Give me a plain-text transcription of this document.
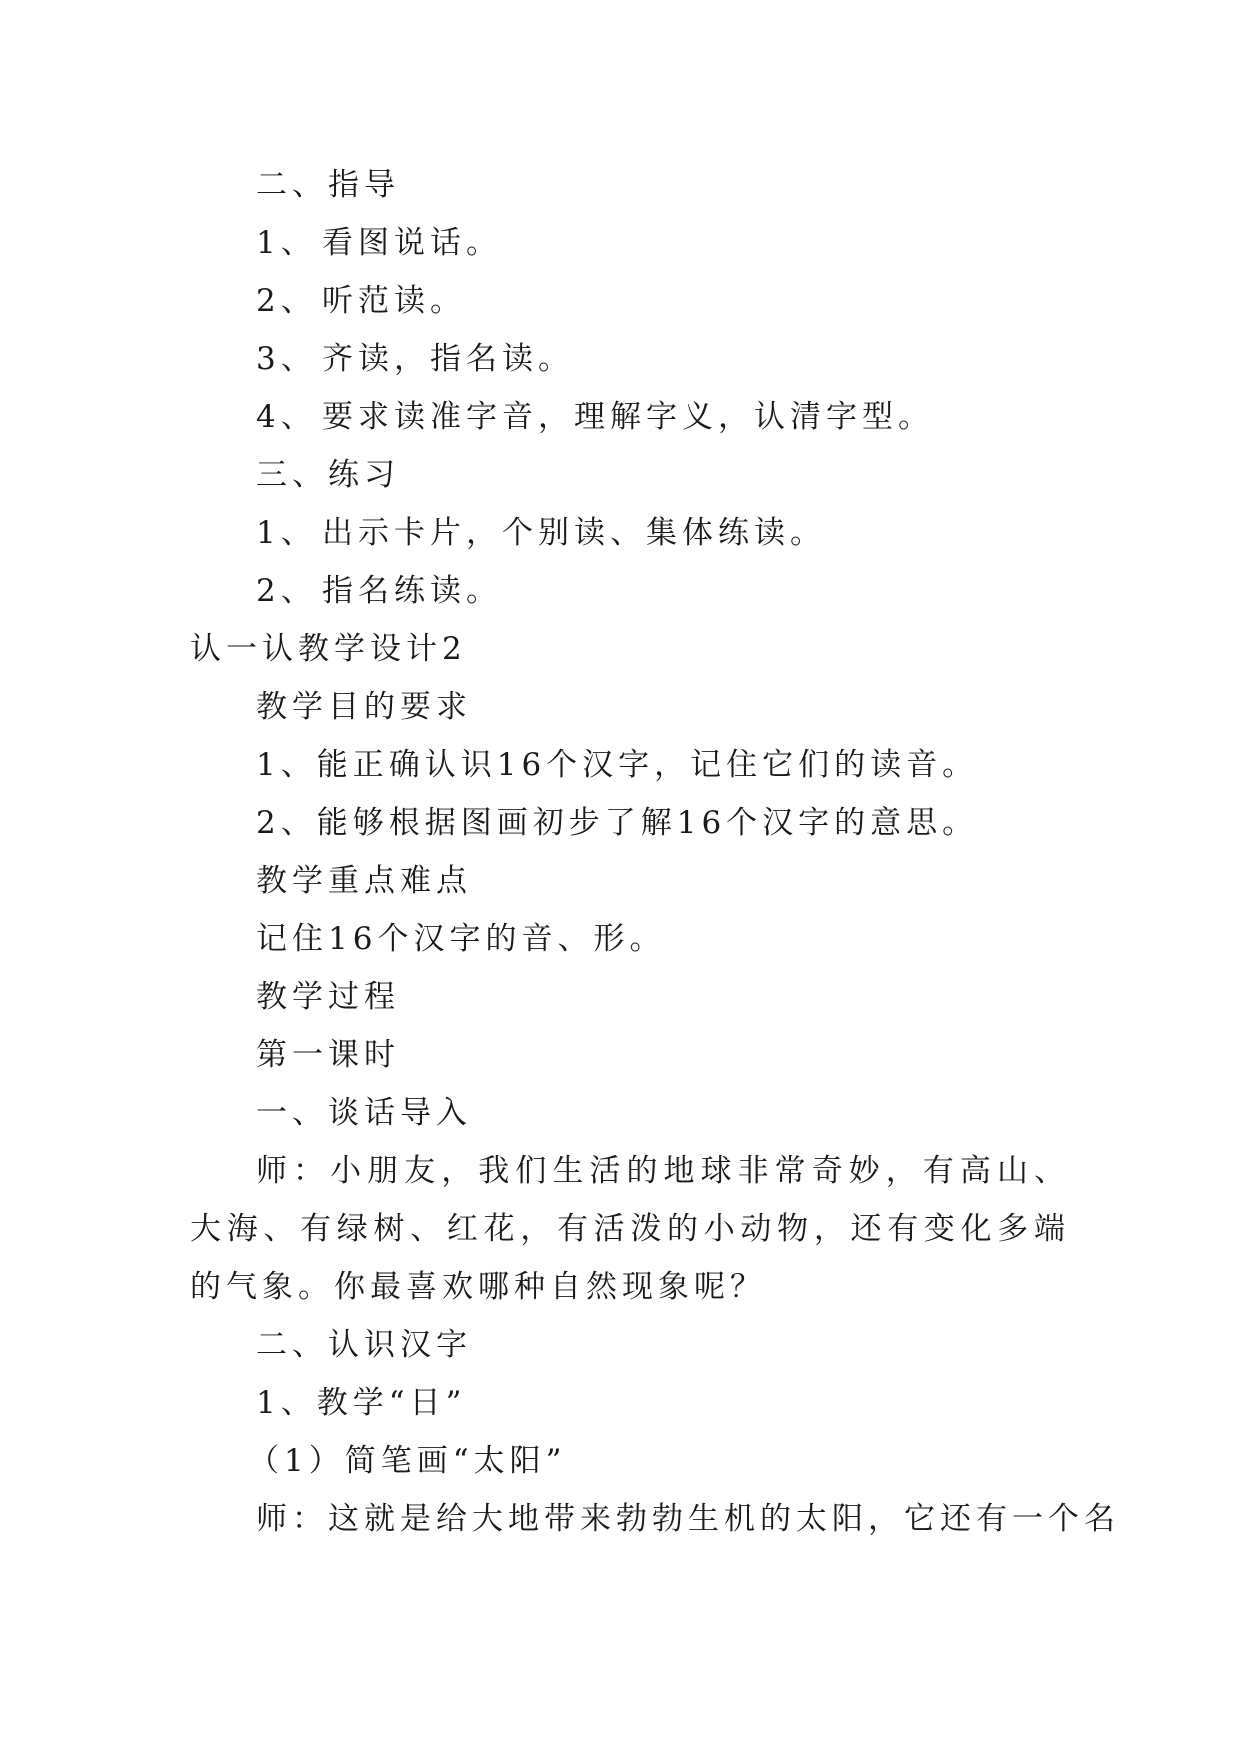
二、指导
1、 看图说话。
2、 听范读。
3、 齐读，指名读。
4、 要求读准字音，理解字义，认清字型。
三、练习
1、 出示卡片，个别读、集体练读。
2、 指名练读。
认一认教学设计2
教学目的要求
1、能正确认识16个汉字，记住它们的读音。
2、能够根据图画初步了解16个汉字的意思。
教学重点难点
记住16个汉字的音、形。
教学过程
第一课时
一、谈话导入
师：小朋友，我们生活的地球非常奇妙，有高山、大海、有绿树、红花，有活泼的小动物，还有变化多端的气象。你最喜欢哪种自然现象呢？
二、认识汉字
1、教学“日”
（1）简笔画“太阳”
师：这就是给大地带来勃勃生机的太阳，它还有一个名
